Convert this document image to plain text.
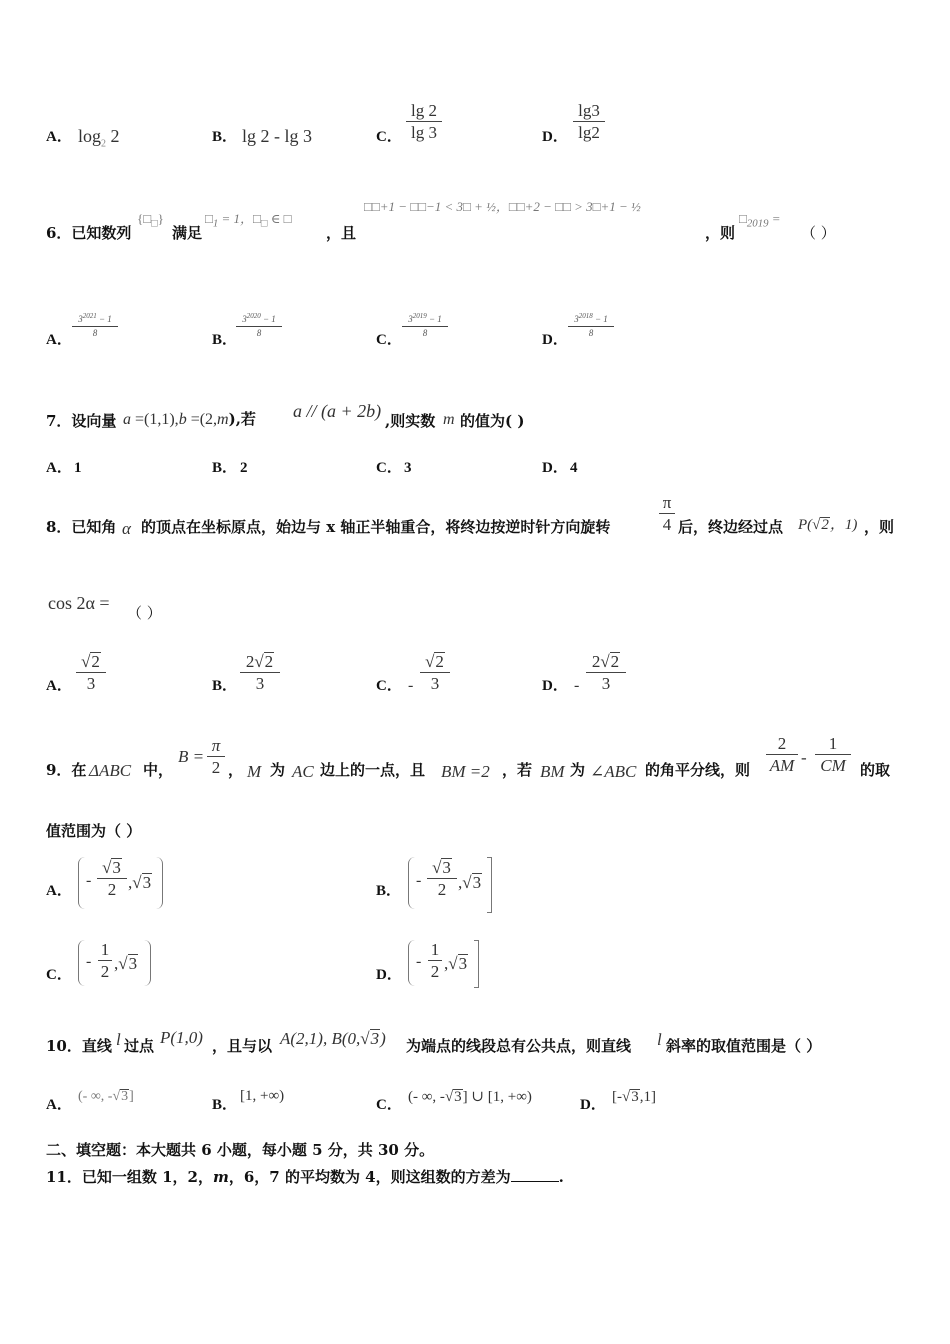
A． $\log_2 2$	B． lg 2 - lg 3	C．
lg 2
lg 3	D．
lg3
lg2
6．已知数列
$\{□_□\}$
满足
$□_1 = 1$，$□_□$ ∈ □
，且
□□+1 − □□−1 < 3□ + ½，□□+2 − □□ > 3□+1 − ½
，则
$□_{2019}$ =
（ ）
A．
$3^{2021} - 1$
8	B．
$3^{2020} - 1$
8	C．
$3^{2019} - 1$
8	D．
$3^{2018} - 1$
8
7．设向量 a =(1,1),b =(2,m),若 a // (a + 2b) ,则实数 m 的值为( )
A． 1	B． 2	C． 3	D． 4
8．已知角 α 的顶点在坐标原点，始边与 x 轴正半轴重合，将终边按逆时针方向旋转
π
4 后，终边经过点 P(√2，1) ，则
cos 2α = （ ）
A．
√2
3	B．
2√2
3	C． -
√2
3	D． -
2√2
3
9．在 ΔABC 中，
B =
π
2 ， M 为 AC 边上的一点，且 BM =2 ，若 BM 为 ∠ABC 的角平分线，则
2
AM -
1
CM 的取
值范围为（ ）
A．
-
√3
2 ,√3	B．
-
√3
2 ,√3
C．
-
1
2 ,√3
D．
-
1
2 ,√3
10．直线 l 过点 P(1,0) ，且与以 A(2,1), B(0,√3) 为端点的线段总有公共点，则直线 l 斜率的取值范围是（ ）
A．
(- ∞, -√3]
B．
[1, +∞)
C． (- ∞, -√3] ∪ [1, +∞)	D． [-√3,1]
二、填空题：本大题共 6 小题，每小题 5 分，共 30 分。
11．已知一组数 1，2，m，6，7 的平均数为 4，则这组数的方差为	.
